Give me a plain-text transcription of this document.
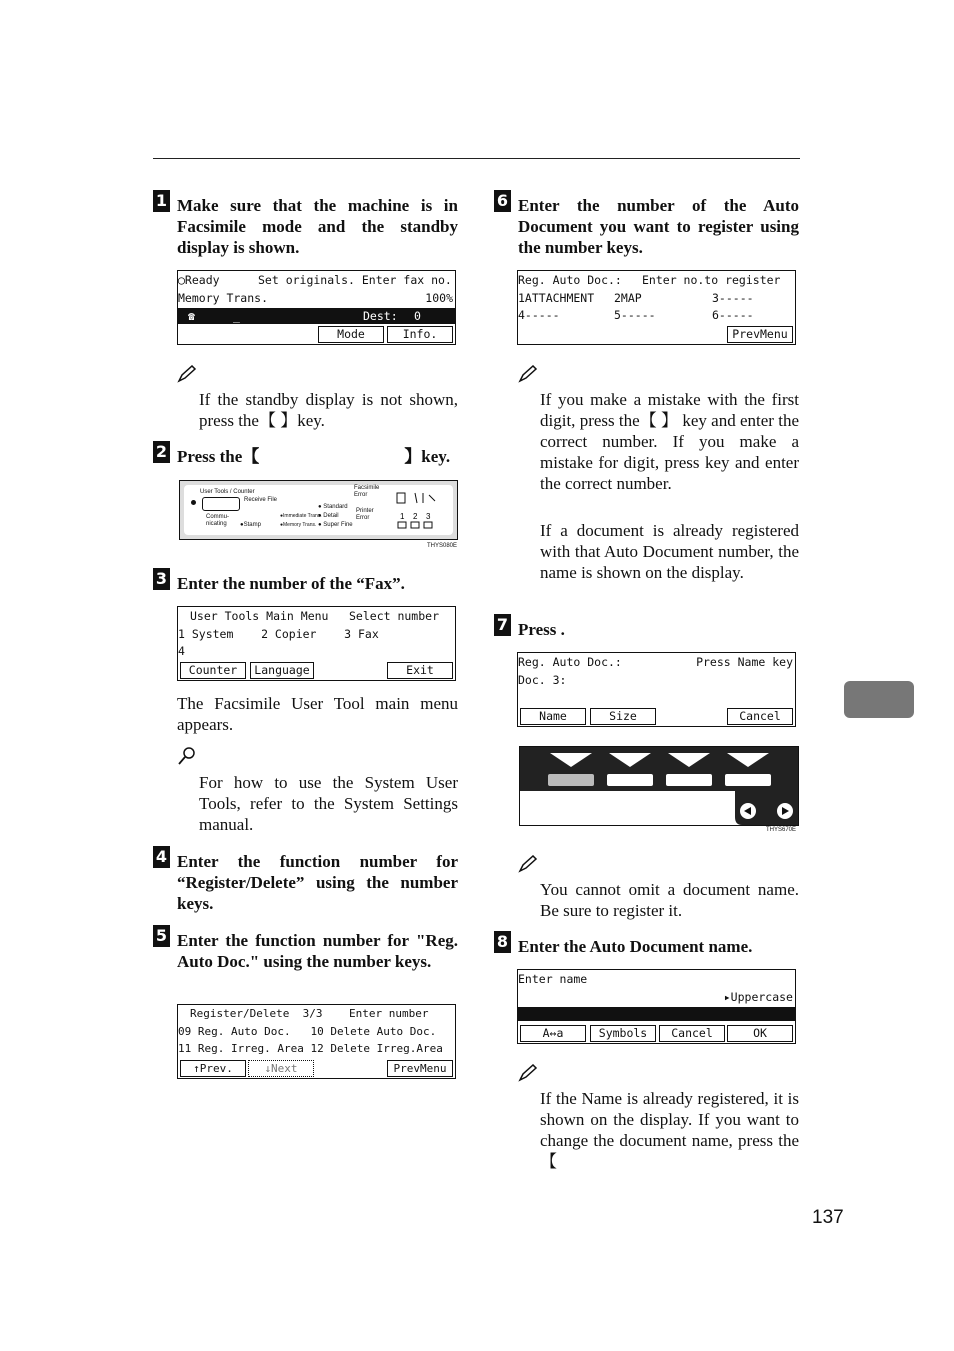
1 Make sure that the machine is in Facsimile mode and the standby display is shown.
◯Ready	Set originals. Enter fax no.
Memory Trans.	100%
☎	_	Dest: 0
Mode	Info.
If the standby display is not shown, press the【 】key.
2 Press the【	】key.
User Tools / Counter
Receive File
Commu-
nicating	●Stamp
●Immediate Trans.
●Memory Trans.
● Standard
● Detail
● Super Fine
Facsimile Error
Printer Error	1 2 3
THYS080E
3 Enter the number of the “Fax”.
User Tools Main Menu Select number
1 System    2 Copier    3 Fax
4
Counter	Language	Exit
The Facsimile User Tool main menu appears.
For how to use the System User Tools, refer to the System Settings manual.
4 Enter the function number for “Register/Delete” using the number keys.
5 Enter the function number for "Reg. Auto Doc." using the number keys.
Register/Delete  3/3 Enter number
09 Reg. Auto Doc.   10 Delete Auto Doc.
11 Reg. Irreg. Area 12 Delete Irreg.Area
↑Prev.	↓Next	PrevMenu
6 Enter the number of the Auto Document you want to register using the number keys.
Reg. Auto Doc.: Enter no.to register
1ATTACHMENT 2MAP	3-----
4-----	5-----	6-----
PrevMenu
If you make a mistake with the first digit, press the【 】 key and enter the correct number. If you make a mistake for digit, press key and enter the correct number.
If a document is already registered with that Auto Document number, the name is shown on the display.
7 Press .
Reg. Auto Doc.:	Press Name key
Doc. 3:
Name	Size	Cancel
THYS670E
You cannot omit a document name. Be sure to register it.
8 Enter the Auto Document name.
Enter name
▸Uppercase
A↔a	Symbols	Cancel	OK
If the Name is already registered, it is shown on the display. If you want to change the document name, press the【
137
